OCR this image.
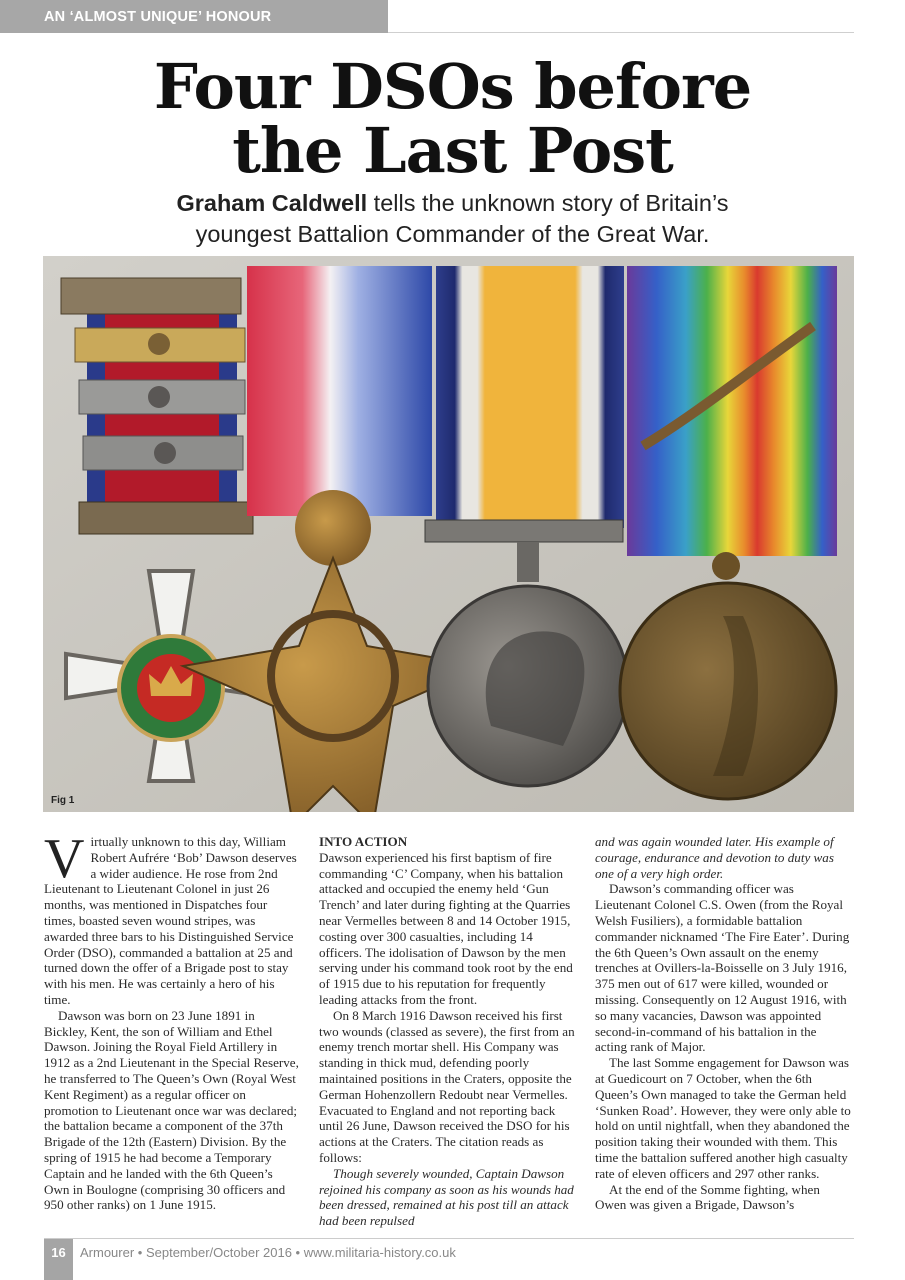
AN ‘ALMOST UNIQUE’ HONOUR
Four DSOs before
the Last Post
Graham Caldwell tells the unknown story of Britain’s
youngest Battalion Commander of the Great War.
Fig 1

Virtually unknown to this day, William Robert Aufrére ‘Bob’ Dawson deserves a wider audience. He rose from 2nd Lieutenant to Lieutenant Colonel in just 26 months, was mentioned in Dispatches four times, boasted seven wound stripes, was awarded three bars to his Distinguished Service Order (DSO), commanded a battalion at 25 and turned down the offer of a Brigade post to stay with his men. He was certainly a hero of his time.

Dawson was born on 23 June 1891 in Bickley, Kent, the son of William and Ethel Dawson. Joining the Royal Field Artillery in 1912 as a 2nd Lieutenant in the Special Reserve, he transferred to The Queen’s Own (Royal West Kent Regiment) as a regular officer on promotion to Lieutenant once war was declared; the battalion became a component of the 37th Brigade of the 12th (Eastern) Division. By the spring of 1915 he had become a Temporary Captain and he landed with the 6th Queen’s Own in Boulogne (comprising 30 officers and 950 other ranks) on 1 June 1915.

INTO ACTION

Dawson experienced his first baptism of fire commanding ‘C’ Company, when his battalion attacked and occupied the enemy held ‘Gun Trench’ and later during fighting at the Quarries near Vermelles between 8 and 14 October 1915, costing over 300 casualties, including 14 officers. The idolisation of Dawson by the men serving under his command took root by the end of 1915 due to his reputation for frequently leading attacks from the front.

On 8 March 1916 Dawson received his first two wounds (classed as severe), the first from an enemy trench mortar shell. His Company was standing in thick mud, defending poorly maintained positions in the Craters, opposite the German Hohenzollern Redoubt near Vermelles. Evacuated to England and not reporting back until 26 June, Dawson received the DSO for his actions at the Craters. The citation reads as follows:

Though severely wounded, Captain Dawson rejoined his company as soon as his wounds had been dressed, remained at his post till an attack had been repulsed

and was again wounded later. His example of courage, endurance and devotion to duty was one of a very high order.

Dawson’s commanding officer was Lieutenant Colonel C.S. Owen (from the Royal Welsh Fusiliers), a formidable battalion commander nicknamed ‘The Fire Eater’. During the 6th Queen’s Own assault on the enemy trenches at Ovillers-la-Boisselle on 3 July 1916, 375 men out of 617 were killed, wounded or missing. Consequently on 12 August 1916, with so many vacancies, Dawson was appointed second-in-command of his battalion in the acting rank of Major.

The last Somme engagement for Dawson was at Guedicourt on 7 October, when the 6th Queen’s Own managed to take the German held ‘Sunken Road’. However, they were only able to hold on until nightfall, when they abandoned the position taking their wounded with them. This time the battalion suffered another high casualty rate of eleven officers and 297 other ranks.

At the end of the Somme fighting, when Owen was given a Brigade, Dawson’s

16	Armourer • September/October 2016 • www.militaria-history.co.uk
